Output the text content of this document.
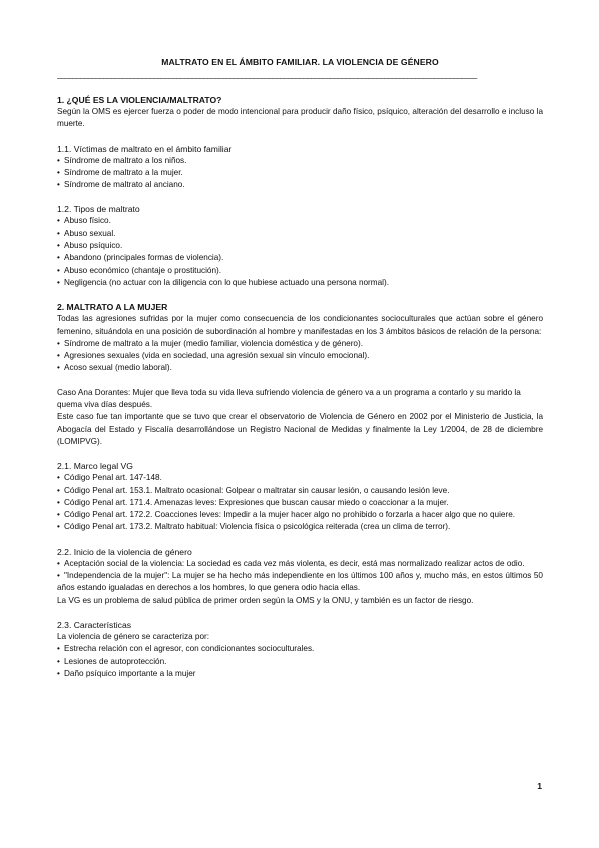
MALTRATO EN EL ÁMBITO FAMILIAR. LA VIOLENCIA DE GÉNERO
_____________________________________________________________________________________________________________
1. ¿QUÉ ES LA VIOLENCIA/MALTRATO?

Según la OMS es ejercer fuerza o poder de modo intencional para producir daño físico, psíquico, alteración del desarrollo e incluso la muerte.

1.1. Víctimas de maltrato en el ámbito familiar
• Síndrome de maltrato a los niños.
• Síndrome de maltrato a la mujer.
• Síndrome de maltrato al anciano.
1.2. Tipos de maltrato
• Abuso físico.
• Abuso sexual.
• Abuso psíquico.
• Abandono (principales formas de violencia).
• Abuso económico (chantaje o prostitución).
• Negligencia (no actuar con la diligencia con lo que hubiese actuado una persona normal).
2. MALTRATO A LA MUJER

Todas las agresiones sufridas por la mujer como consecuencia de los condicionantes socioculturales que actúan sobre el género femenino, situándola en una posición de subordinación al hombre y manifestadas en los 3 ámbitos básicos de relación de la persona:

• Síndrome de maltrato a la mujer (medio familiar, violencia doméstica y de género).
• Agresiones sexuales (vida en sociedad, una agresión sexual sin vínculo emocional).
• Acoso sexual (medio laboral).

Caso Ana Dorantes: Mujer que lleva toda su vida lleva sufriendo violencia de género va a un programa a contarlo y su marido la quema viva días después.

Este caso fue tan importante que se tuvo que crear el observatorio de Violencia de Género en 2002 por el Ministerio de Justicia, la Abogacía del Estado y Fiscalía desarrollándose un Registro Nacional de Medidas y finalmente la Ley 1/2004, de 28 de diciembre (LOMIPVG).

2.1. Marco legal VG
• Código Penal art. 147-148.
• Código Penal art. 153.1. Maltrato ocasional: Golpear o maltratar sin causar lesión, o causando lesión leve.
• Código Penal art. 171.4. Amenazas leves: Expresiones que buscan causar miedo o coaccionar a la mujer.
• Código Penal art. 172.2. Coacciones leves: Impedir a la mujer hacer algo no prohibido o forzarla a hacer algo que no quiere.
• Código Penal art. 173.2. Maltrato habitual: Violencia física o psicológica reiterada (crea un clima de terror).
2.2. Inicio de la violencia de género
• Aceptación social de la violencia: La sociedad es cada vez más violenta, es decir, está mas normalizado realizar actos de odio.
• "Independencia de la mujer": La mujer se ha hecho más independiente en los últimos 100 años y, mucho más, en estos últimos 50 años estando igualadas en derechos a los hombres, lo que genera odio hacia ellas.

La VG es un problema de salud pública de primer orden según la OMS y la ONU, y también es un factor de riesgo.

2.3. Características

La violencia de género se caracteriza por:

• Estrecha relación con el agresor, con condicionantes socioculturales.
• Lesiones de autoprotección.
• Daño psíquico importante a la mujer
1
